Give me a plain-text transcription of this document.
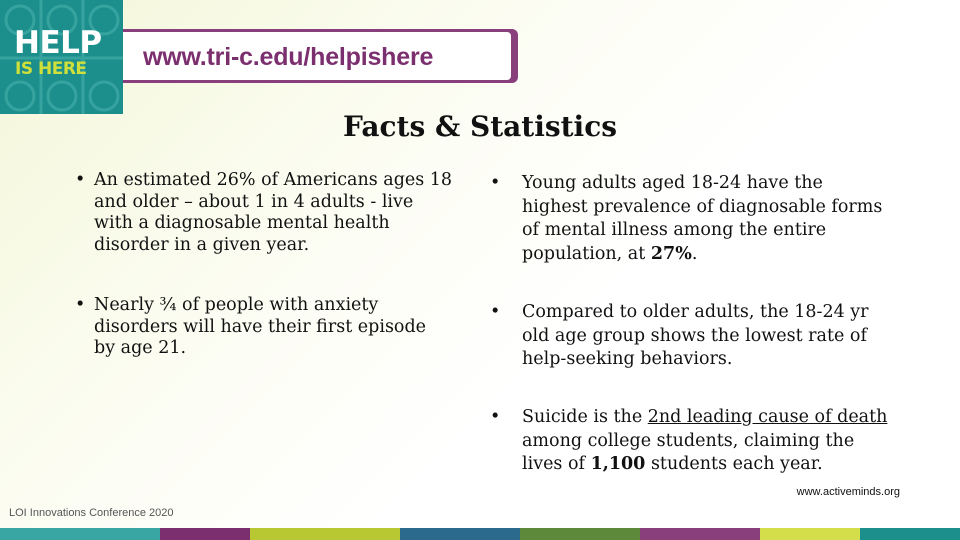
HELP
IS HERE www.tri-c.edu/helpishere
Facts & Statistics
• An estimated 26% of Americans ages 18
and older – about 1 in 4 adults - live
with a diagnosable mental health
disorder in a given year.
• Nearly ¾ of people with anxiety
disorders will have their first episode
by age 21.
• Young adults aged 18-24 have the
highest prevalence of diagnosable forms
of mental illness among the entire
population, at 27%.
• Compared to older adults, the 18-24 yr
old age group shows the lowest rate of
help-seeking behaviors.
• Suicide is the 2nd leading cause of death
among college students, claiming the
lives of 1,100 students each year.
www.activeminds.org
LOI Innovations Conference 2020
